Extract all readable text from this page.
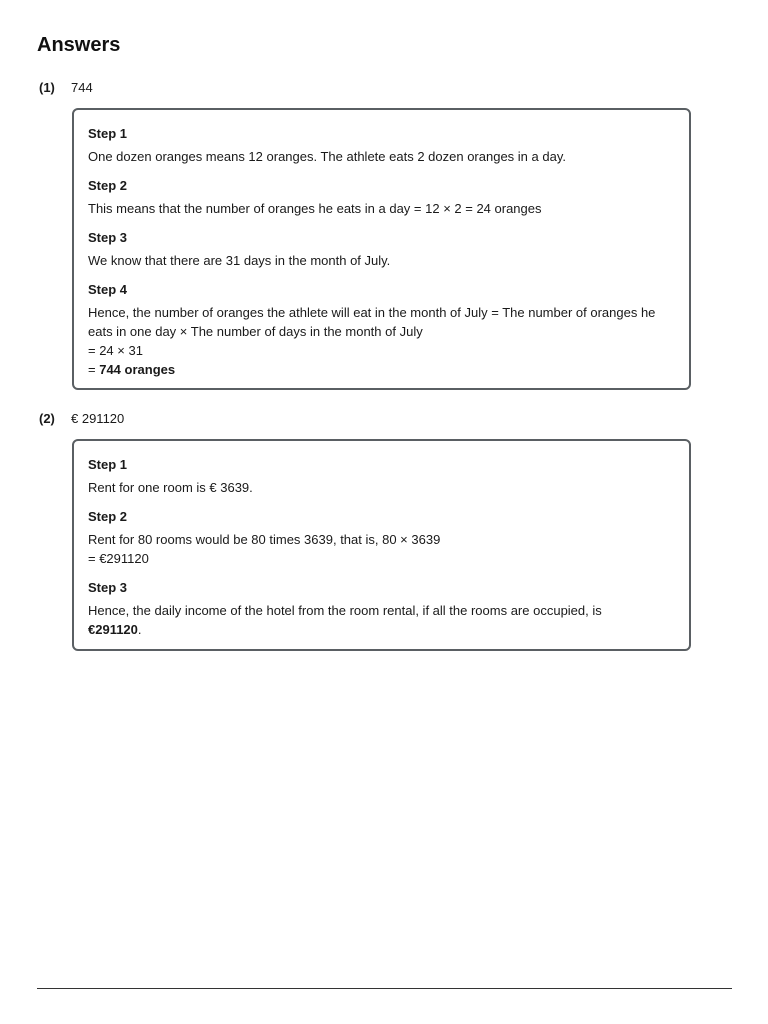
Answers
(1) 744
Step 1
One dozen oranges means 12 oranges. The athlete eats 2 dozen oranges in a day.
Step 2
This means that the number of oranges he eats in a day = 12 × 2 = 24 oranges
Step 3
We know that there are 31 days in the month of July.
Step 4
Hence, the number of oranges the athlete will eat in the month of July = The number of oranges he eats in one day × The number of days in the month of July
= 24 × 31
= 744 oranges
(2) € 291120
Step 1
Rent for one room is € 3639.
Step 2
Rent for 80 rooms would be 80 times 3639, that is, 80 × 3639
= €291120
Step 3
Hence, the daily income of the hotel from the room rental, if all the rooms are occupied, is
€291120.
